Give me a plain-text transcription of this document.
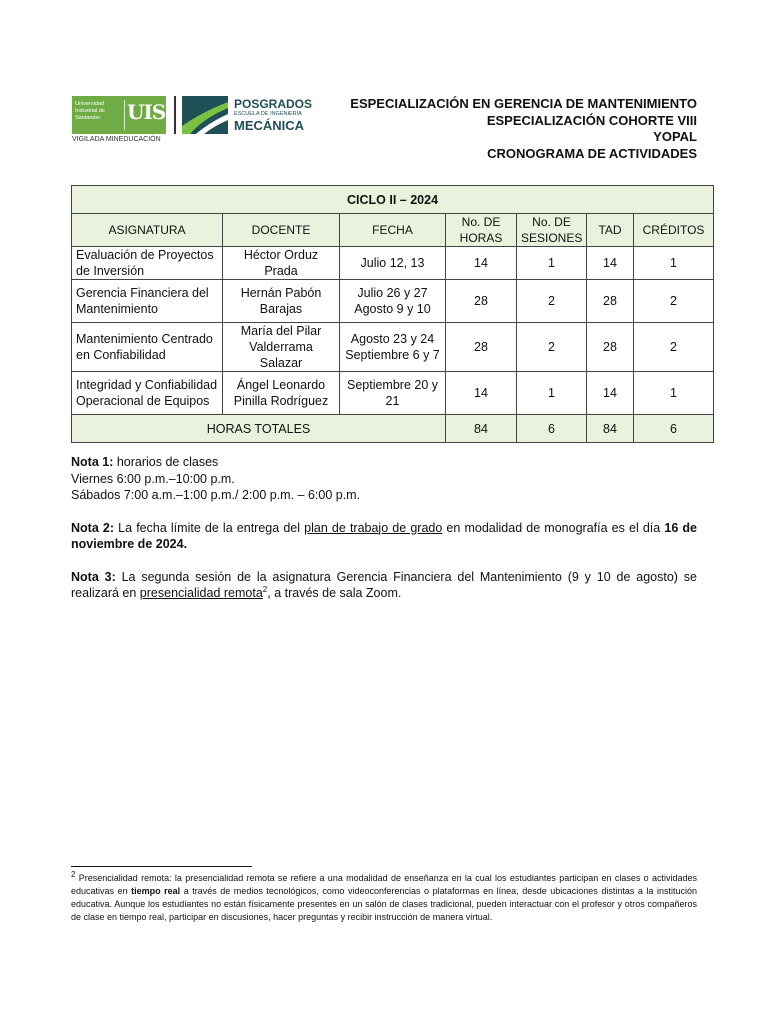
Universidad Industrial de Santander	UIS
VIGILADA MINEDUCACIÓN
POSGRADOS
ESCUELA DE INGENIERÍA
MECÁNICA
ESPECIALIZACIÓN EN GERENCIA DE MANTENIMIENTO
ESPECIALIZACIÓN COHORTE VIII
YOPAL
CRONOGRAMA DE ACTIVIDADES
CICLO II – 2024						
ASIGNATURA	DOCENTE	FECHA	No. DE HORAS	No. DE SESIONES	TAD	CRÉDITOS
Evaluación de Proyectos de Inversión	Héctor Orduz Prada	Julio 12, 13	14	1	14	1
Gerencia Financiera del Mantenimiento	Hernán Pabón Barajas	Julio 26 y 27 Agosto 9 y 10	28	2	28	2
Mantenimiento Centrado en Confiabilidad	María del Pilar Valderrama Salazar	Agosto 23 y 24 Septiembre 6 y 7	28	2	28	2
Integridad y Confiabilidad Operacional de Equipos	Ángel Leonardo Pinilla Rodríguez	Septiembre 20 y 21	14	1	14	1
HORAS TOTALES			84	6	84	6
Nota 1: horarios de clases
Viernes 6:00 p.m.–10:00 p.m.
Sábados 7:00 a.m.–1:00 p.m./ 2:00 p.m. – 6:00 p.m.
Nota 2: La fecha límite de la entrega del plan de trabajo de grado en modalidad de monografía es el día 16 de noviembre de 2024.
Nota 3: La segunda sesión de la asignatura Gerencia Financiera del Mantenimiento (9 y 10 de agosto) se realizará en presencialidad remota$^2$, a través de sala Zoom.
$^2$ Presencialidad remota: la presencialidad remota se refiere a una modalidad de enseñanza en la cual los estudiantes participan en clases o actividades educativas en tiempo real a través de medios tecnológicos, como videoconferencias o plataformas en línea, desde ubicaciones distintas a la institución educativa. Aunque los estudiantes no están físicamente presentes en un salón de clases tradicional, pueden interactuar con el profesor y otros compañeros de clase en tiempo real, participar en discusiones, hacer preguntas y recibir instrucción de manera virtual.
